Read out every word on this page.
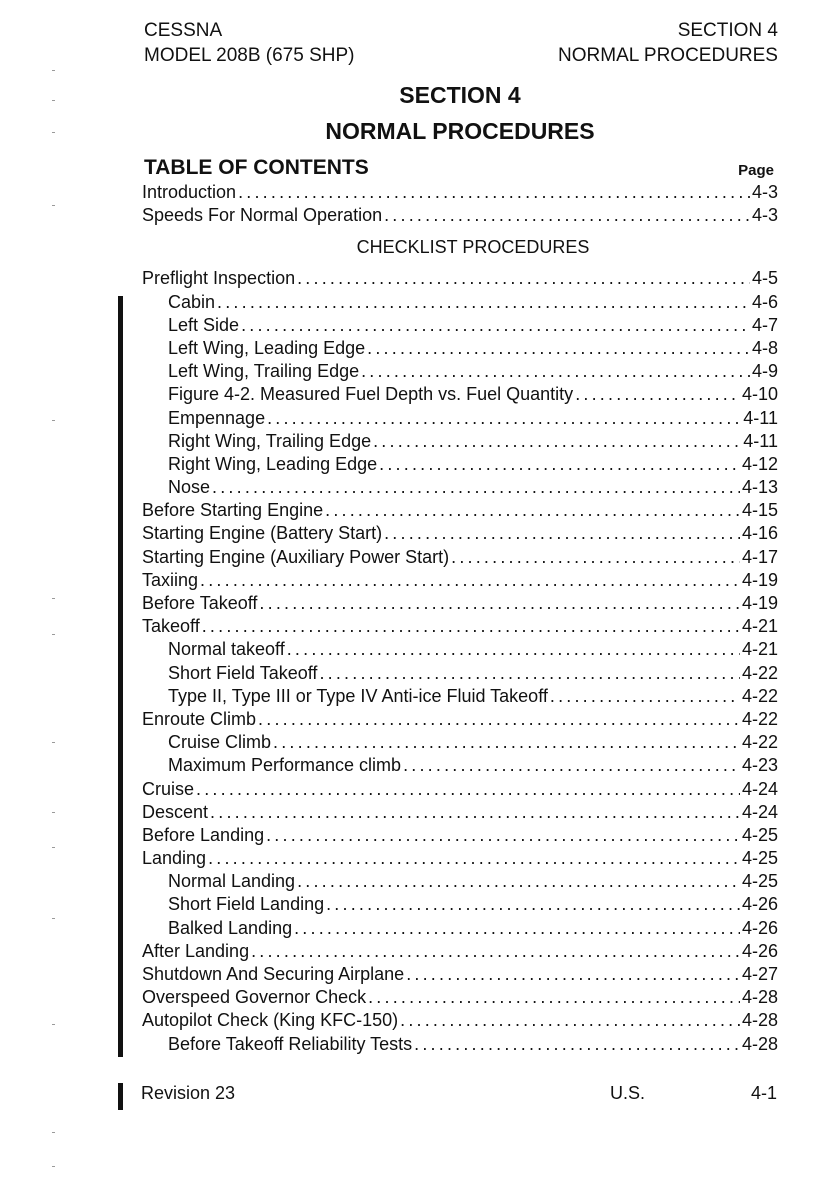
CESSNA
MODEL 208B (675 SHP)
SECTION 4
NORMAL PROCEDURES
SECTION 4
NORMAL PROCEDURES
TABLE OF CONTENTS	Page
Introduction .....	4-3
Speeds For Normal Operation .....	4-3
CHECKLIST PROCEDURES
Preflight Inspection .....	4-5
Cabin .....	4-6
Left Side .....	4-7
Left Wing, Leading Edge .....	4-8
Left Wing, Trailing Edge .....	4-9
Figure 4-2. Measured Fuel Depth vs. Fuel Quantity .....	4-10
Empennage .....	4-11
Right Wing, Trailing Edge .....	4-11
Right Wing, Leading Edge .....	4-12
Nose .....	4-13
Before Starting Engine .....	4-15
Starting Engine (Battery Start) .....	4-16
Starting Engine (Auxiliary Power Start) .....	4-17
Taxiing .....	4-19
Before Takeoff .....	4-19
Takeoff .....	4-21
Normal takeoff .....	4-21
Short Field Takeoff .....	4-22
Type II, Type III or Type IV Anti-ice Fluid Takeoff .....	4-22
Enroute Climb .....	4-22
Cruise Climb .....	4-22
Maximum Performance climb .....	4-23
Cruise .....	4-24
Descent .....	4-24
Before Landing .....	4-25
Landing .....	4-25
Normal Landing .....	4-25
Short Field Landing .....	4-26
Balked Landing .....	4-26
After Landing .....	4-26
Shutdown And Securing Airplane .....	4-27
Overspeed Governor Check .....	4-28
Autopilot Check (King KFC-150) .....	4-28
Before Takeoff Reliability Tests .....	4-28
Revision 23	U.S.	4-1
